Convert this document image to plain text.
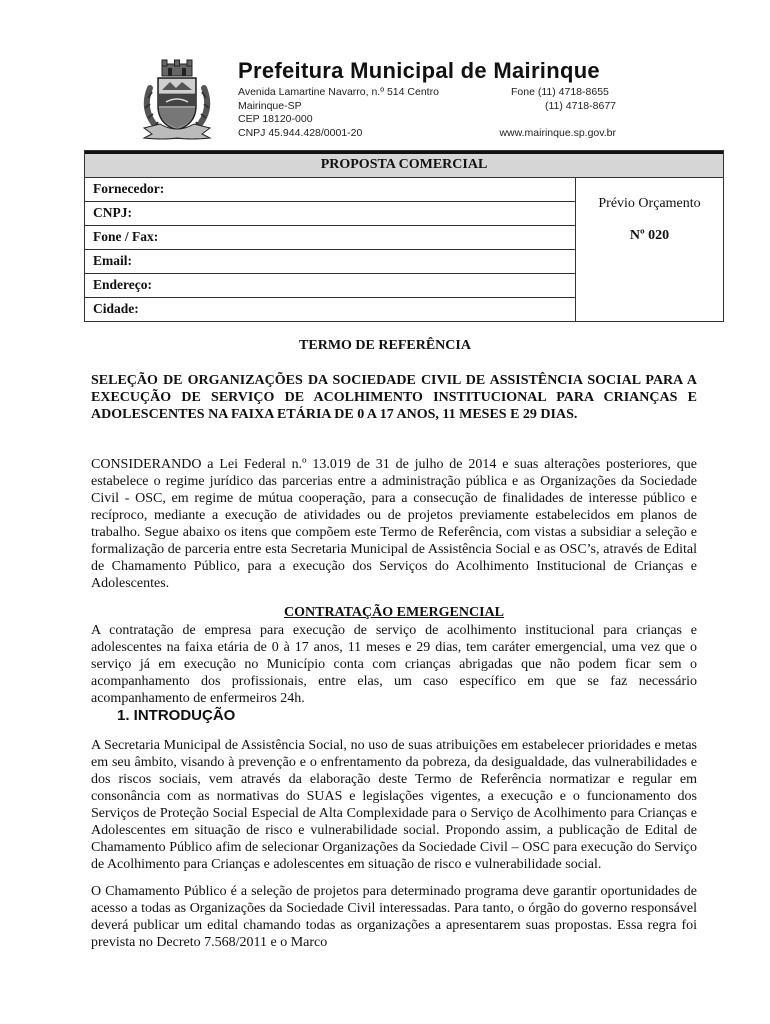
Prefeitura Municipal de Mairinque
Avenida Lamartine Navarro, n.º 514 Centro
Mairinque-SP
CEP 18120-000
CNPJ 45.944.428/0001-20
Fone (11) 4718-8655
(11) 4718-8677
www.mairinque.sp.gov.br
PROPOSTA COMERCIAL
Fornecedor:
CNPJ:
Fone / Fax:
Email:
Endereço:
Cidade:
Prévio Orçamento
Nº 020
TERMO DE REFERÊNCIA
SELEÇÃO DE ORGANIZAÇÕES DA SOCIEDADE CIVIL DE ASSISTÊNCIA SOCIAL PARA A EXECUÇÃO DE SERVIÇO DE ACOLHIMENTO INSTITUCIONAL PARA CRIANÇAS E ADOLESCENTES NA FAIXA ETÁRIA DE 0 A 17 ANOS, 11 MESES E 29 DIAS.
CONSIDERANDO a Lei Federal n.º 13.019 de 31 de julho de 2014 e suas alterações posteriores, que estabelece o regime jurídico das parcerias entre a administração pública e as Organizações da Sociedade Civil - OSC, em regime de mútua cooperação, para a consecução de finalidades de interesse público e recíproco, mediante a execução de atividades ou de projetos previamente estabelecidos em planos de trabalho. Segue abaixo os itens que compõem este Termo de Referência, com vistas a subsidiar a seleção e formalização de parceria entre esta Secretaria Municipal de Assistência Social e as OSC’s, através de Edital de Chamamento Público, para a execução dos Serviços do Acolhimento Institucional de Crianças e Adolescentes.
CONTRATAÇÃO EMERGENCIAL
A contratação de empresa para execução de serviço de acolhimento institucional para crianças e adolescentes na faixa etária de 0 à 17 anos, 11 meses e 29 dias, tem caráter emergencial, uma vez que o serviço já em execução no Município conta com crianças abrigadas que não podem ficar sem o acompanhamento dos profissionais, entre elas, um caso específico em que se faz necessário acompanhamento de enfermeiros 24h.
1. INTRODUÇÃO
A Secretaria Municipal de Assistência Social, no uso de suas atribuições em estabelecer prioridades e metas em seu âmbito, visando à prevenção e o enfrentamento da pobreza, da desigualdade, das vulnerabilidades e dos riscos sociais, vem através da elaboração deste Termo de Referência normatizar e regular em consonância com as normativas do SUAS e legislações vigentes, a execução e o funcionamento dos Serviços de Proteção Social Especial de Alta Complexidade para o Serviço de Acolhimento para Crianças e Adolescentes em situação de risco e vulnerabilidade social. Propondo assim, a publicação de Edital de Chamamento Público afim de selecionar Organizações da Sociedade Civil – OSC para execução do Serviço de Acolhimento para Crianças e adolescentes em situação de risco e vulnerabilidade social.
O Chamamento Público é a seleção de projetos para determinado programa deve garantir oportunidades de acesso a todas as Organizações da Sociedade Civil interessadas. Para tanto, o órgão do governo responsável deverá publicar um edital chamando todas as organizações a apresentarem suas propostas. Essa regra foi prevista no Decreto 7.568/2011 e o Marco
